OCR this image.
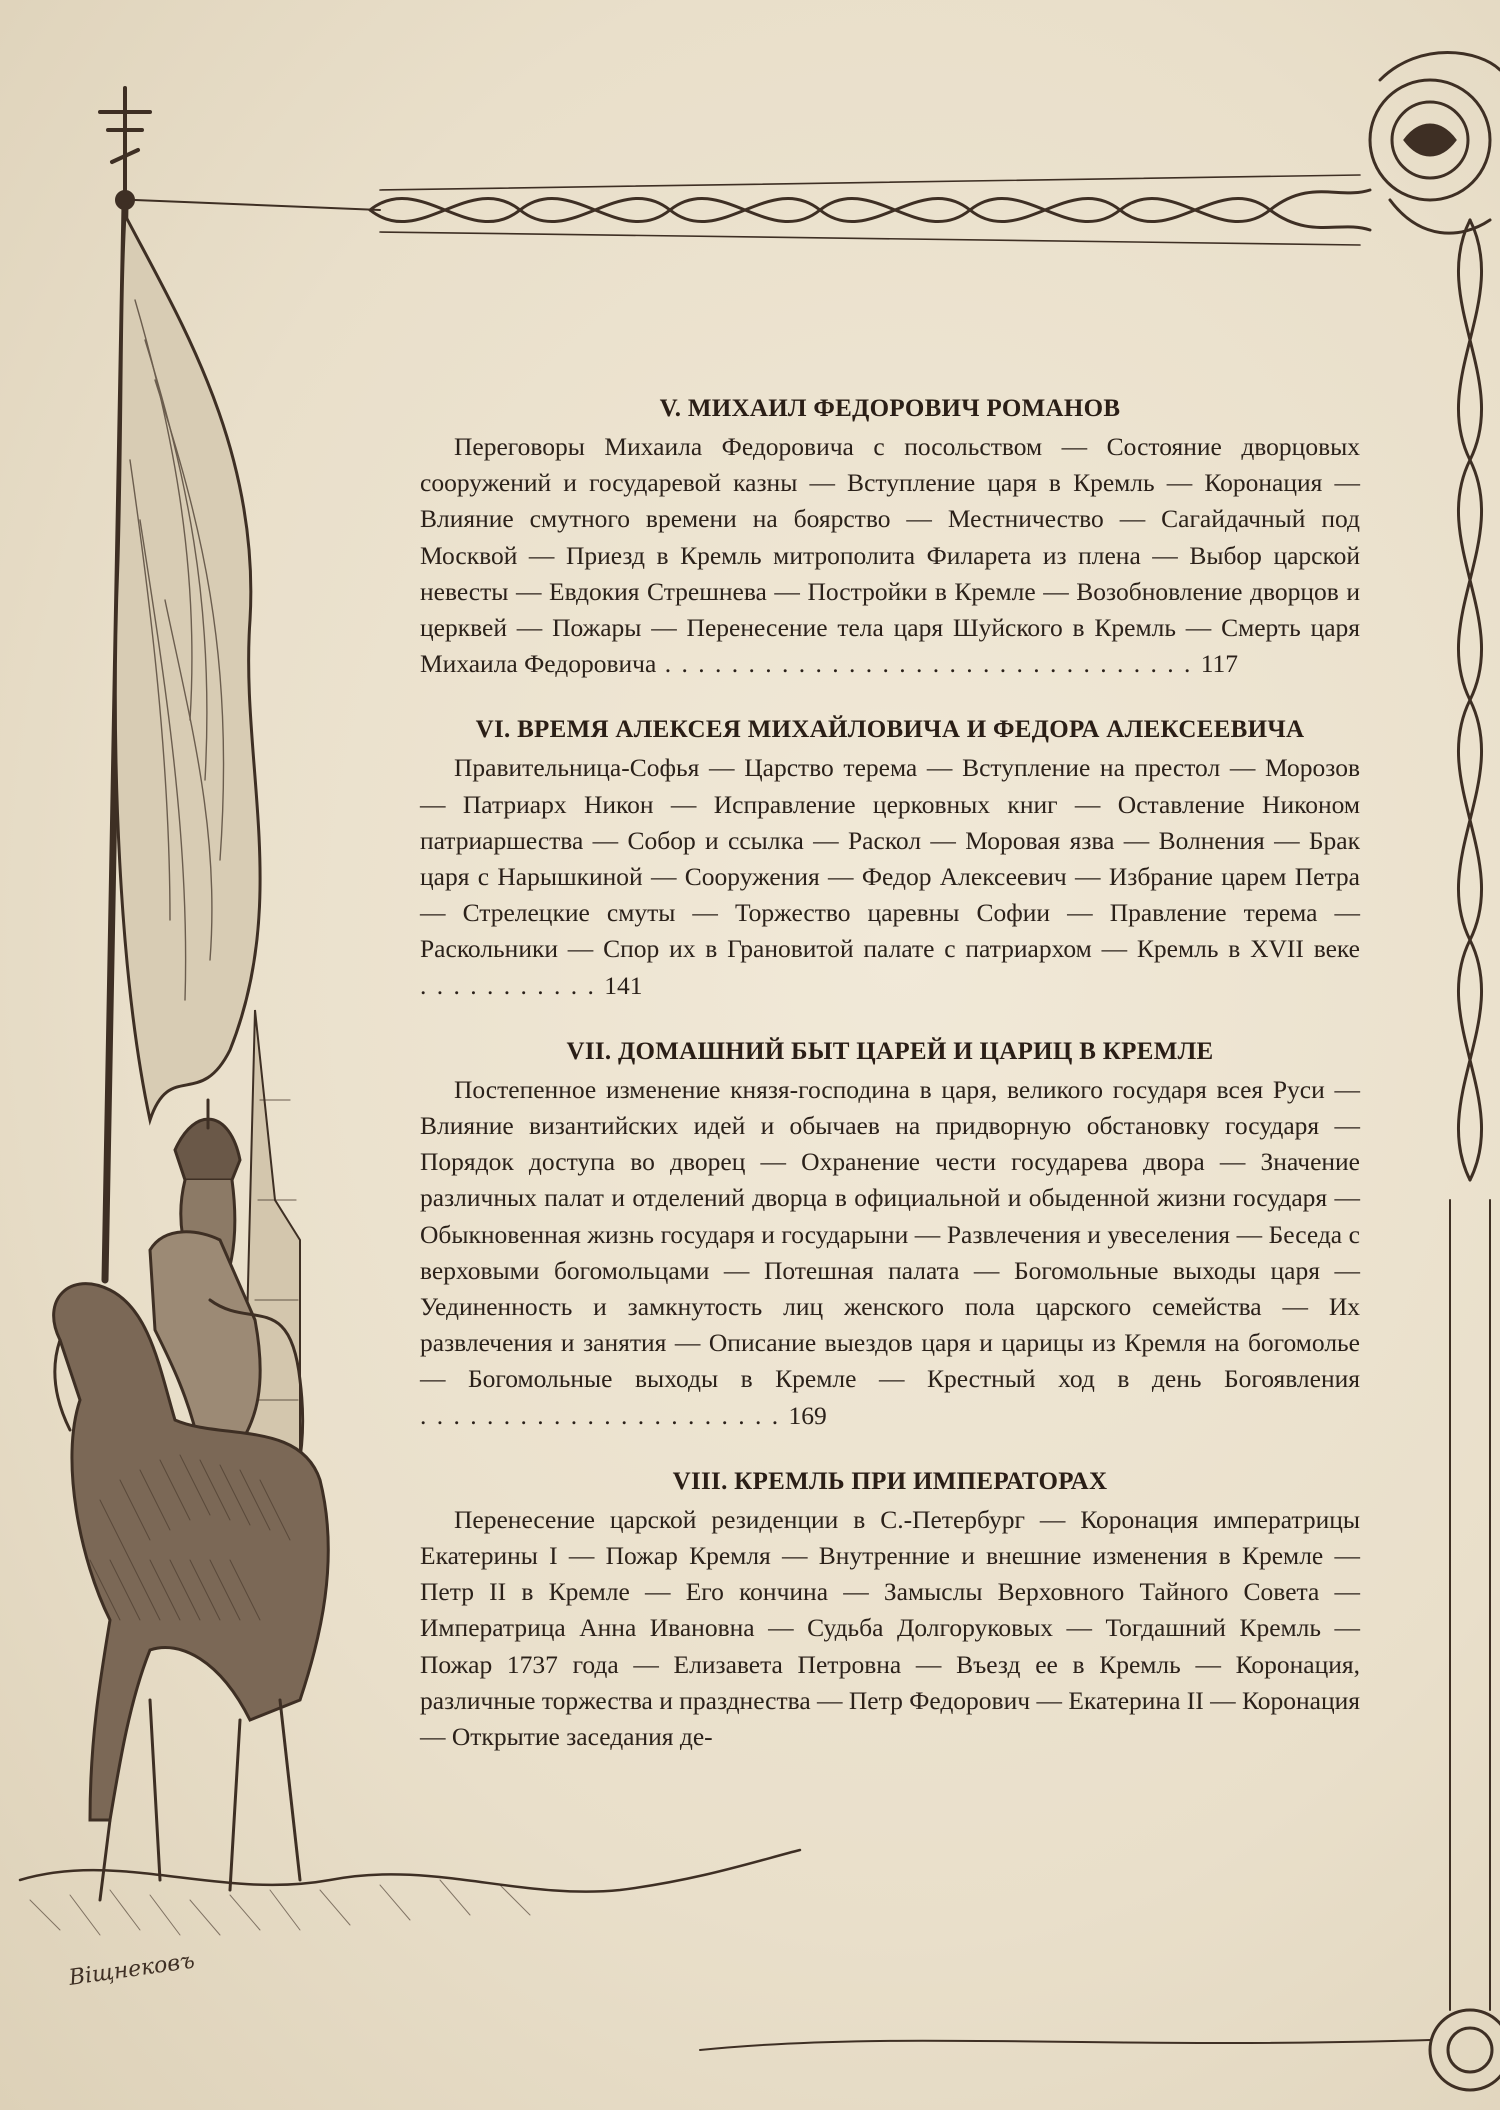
Віщнековъ
V. МИХАИЛ ФЕДОРОВИЧ РОМАНОВ

Переговоры Михаила Федоровича с посольством — Состояние дворцовых сооружений и государевой казны — Вступление царя в Кремль — Коронация — Влияние смутного времени на боярство — Местничество — Сагайдачный под Москвой — Приезд в Кремль митрополита Филарета из плена — Выбор царской невесты — Евдокия Стрешнева — Постройки в Кремле — Возобновление дворцов и церквей — Пожары — Перенесение тела царя Шуйского в Кремль — Смерть царя Михаила Федоровича . . . . . . . . . . . . . . . . . . . . . . . . . . . . . . . . 117

VI. ВРЕМЯ АЛЕКСЕЯ МИХАЙЛОВИЧА И ФЕДОРА АЛЕКСЕЕВИЧА

Правительница-Софья — Царство терема — Вступление на престол — Морозов — Патриарх Никон — Исправление церковных книг — Оставление Никоном патриаршества — Собор и ссылка — Раскол — Моровая язва — Волнения — Брак царя с Нарышкиной — Сооружения — Федор Алексеевич — Избрание царем Петра — Стрелецкие смуты — Торжество царевны Софии — Правление терема — Раскольники — Спор их в Грановитой палате с патриархом — Кремль в XVII веке . . . . . . . . . . . 141

VII. ДОМАШНИЙ БЫТ ЦАРЕЙ И ЦАРИЦ В КРЕМЛЕ

Постепенное изменение князя-господина в царя, великого государя всея Руси — Влияние византийских идей и обычаев на придворную обстановку государя — Порядок доступа во дворец — Охранение чести государева двора — Значение различных палат и отделений дворца в официальной и обыденной жизни государя — Обыкновенная жизнь государя и государыни — Развлечения и увеселения — Беседа с верховыми богомольцами — Потешная палата — Богомольные выходы царя — Уединенность и замкнутость лиц женского пола царского семейства — Их развлечения и занятия — Описание выездов царя и царицы из Кремля на богомолье — Богомольные выходы в Кремле — Крестный ход в день Богоявления . . . . . . . . . . . . . . . . . . . . . . 169

VIII. КРЕМЛЬ ПРИ ИМПЕРАТОРАХ

Перенесение царской резиденции в С.-Петербург — Коронация императрицы Екатерины I — Пожар Кремля — Внутренние и внешние изменения в Кремле — Петр II в Кремле — Его кончина — Замыслы Верховного Тайного Совета — Императрица Анна Ивановна — Судьба Долгоруковых — Тогдашний Кремль — Пожар 1737 года — Елизавета Петровна — Въезд ее в Кремль — Коронация, различные торжества и празднества — Петр Федорович — Екатерина II — Коронация — Открытие заседания де-
